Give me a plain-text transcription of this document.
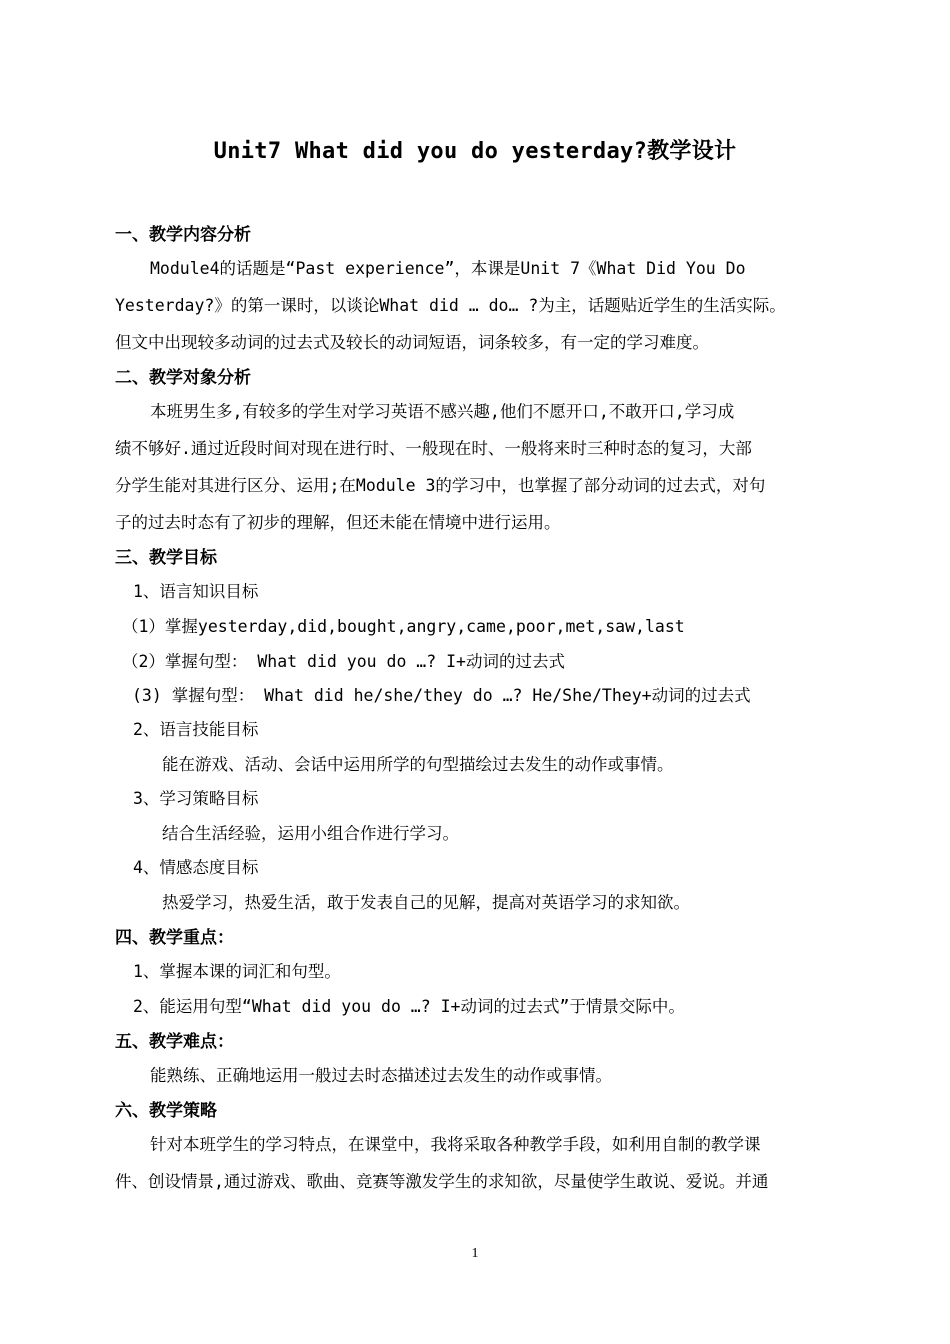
Unit7 What did you do yesterday?教学设计
一、教学内容分析
Module4的话题是“Past experience”，本课是Unit 7《What Did You Do
Yesterday?》的第一课时，以谈论What did … do… ?为主，话题贴近学生的生活实际。
但文中出现较多动词的过去式及较长的动词短语，词条较多，有一定的学习难度。
二、教学对象分析
本班男生多,有较多的学生对学习英语不感兴趣,他们不愿开口,不敢开口,学习成
绩不够好.通过近段时间对现在进行时、一般现在时、一般将来时三种时态的复习，大部
分学生能对其进行区分、运用;在Module 3的学习中，也掌握了部分动词的过去式，对句
子的过去时态有了初步的理解，但还未能在情境中进行运用。
三、教学目标
1、语言知识目标
（1）掌握yesterday,did,bought,angry,came,poor,met,saw,last
（2）掌握句型： What did you do …? I+动词的过去式
(3) 掌握句型： What did he/she/they do …? He/She/They+动词的过去式
2、语言技能目标
能在游戏、活动、会话中运用所学的句型描绘过去发生的动作或事情。
3、学习策略目标
结合生活经验，运用小组合作进行学习。
4、情感态度目标
热爱学习，热爱生活，敢于发表自己的见解，提高对英语学习的求知欲。
四、教学重点：
1、掌握本课的词汇和句型。
2、能运用句型“What did you do …? I+动词的过去式”于情景交际中。
五、教学难点：
能熟练、正确地运用一般过去时态描述过去发生的动作或事情。
六、教学策略
针对本班学生的学习特点，在课堂中，我将采取各种教学手段，如利用自制的教学课
件、创设情景,通过游戏、歌曲、竞赛等激发学生的求知欲，尽量使学生敢说、爱说。并通
1
